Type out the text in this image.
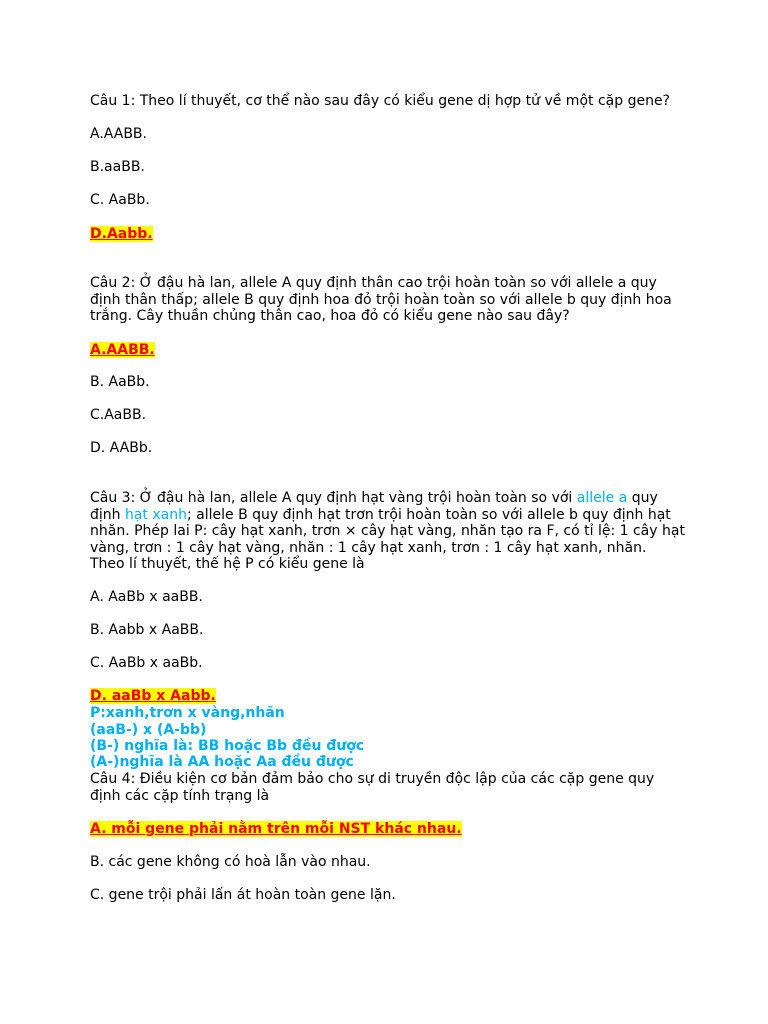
Câu 1: Theo lí thuyết, cơ thể nào sau đây có kiểu gene dị hợp tử về một cặp gene?
A.AABB.
B.aaBB.
C. AaBb.
D.Aabb.
Câu 2: Ở đậu hà lan, allele A quy định thân cao trội hoàn toàn so với allele a quy
định thân thấp; allele B quy định hoa đỏ trội hoàn toàn so với allele b quy định hoa
trắng. Cây thuần chủng thân cao, hoa đỏ có kiểu gene nào sau đây?
A.AABB.
B. AaBb.
C.AaBB.
D. AABb.
Câu 3: Ở đậu hà lan, allele A quy định hạt vàng trội hoàn toàn so với allele a quy
định hạt xanh; allele B quy định hạt trơn trội hoàn toàn so với allele b quy định hạt
nhăn. Phép lai P: cây hạt xanh, trơn × cây hạt vàng, nhăn tạo ra F, có tỉ lệ: 1 cây hạt
vàng, trơn : 1 cây hạt vàng, nhăn : 1 cây hạt xanh, trơn : 1 cây hạt xanh, nhăn.
Theo lí thuyết, thế hệ P có kiểu gene là
A. AaBb x aaBB.
B. Aabb x AaBB.
C. AaBb x aaBb.
D. aaBb x Aabb.
P:xanh,trơn x vàng,nhăn
(aaB-) x (A-bb)
(B-) nghĩa là: BB hoặc Bb đều được
(A-)nghĩa là AA hoặc Aa đều được
Câu 4: Điều kiện cơ bản đảm bảo cho sự di truyền độc lập của các cặp gene quy
định các cặp tính trạng là
A. mỗi gene phải nằm trên mỗi NST khác nhau.
B. các gene không có hoà lẫn vào nhau.
C. gene trội phải lấn át hoàn toàn gene lặn.
